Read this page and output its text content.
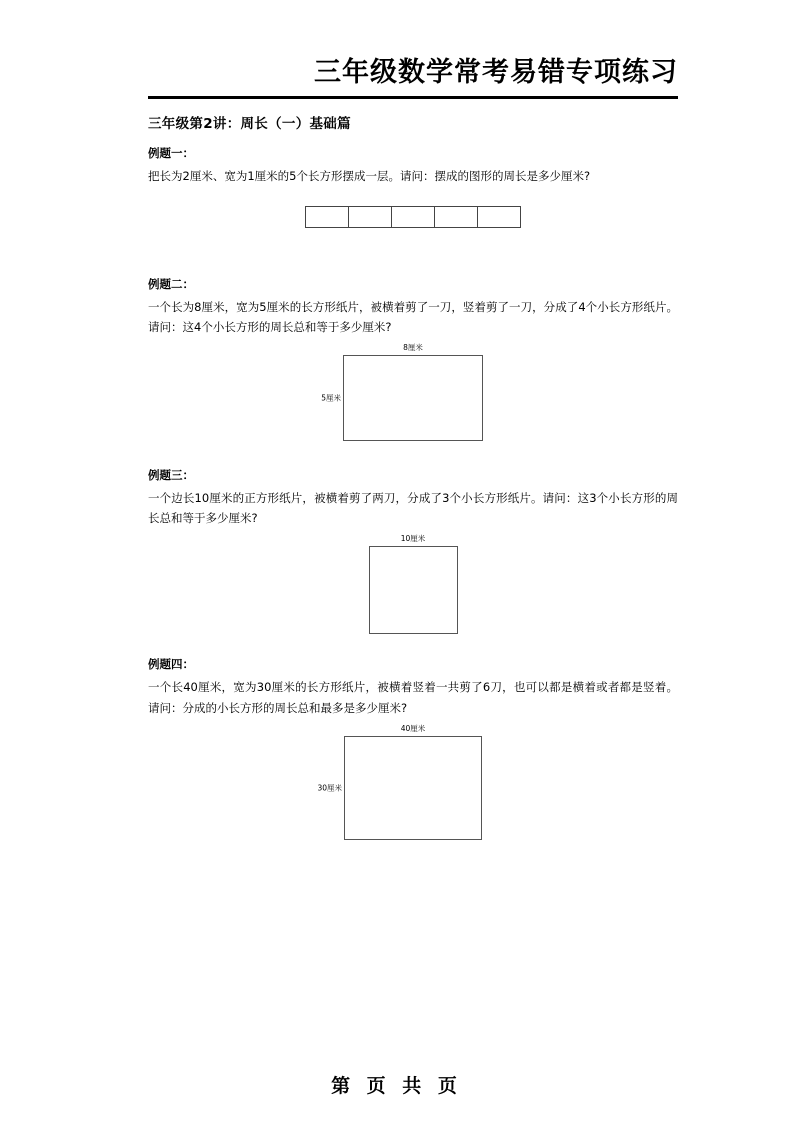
三年级数学常考易错专项练习
三年级第2讲：周长（一）基础篇
例题一：
把长为2厘米、宽为1厘米的5个长方形摆成一层。请问：摆成的图形的周长是多少厘米?
例题二：
一个长为8厘米，宽为5厘米的长方形纸片，被横着剪了一刀，竖着剪了一刀，分成了4个小长方形纸片。请问：这4个小长方形的周长总和等于多少厘米?
8厘米
5厘米
例题三：
一个边长10厘米的正方形纸片，被横着剪了两刀，分成了3个小长方形纸片。请问：这3个小长方形的周长总和等于多少厘米?
10厘米
例题四：
一个长40厘米，宽为30厘米的长方形纸片，被横着竖着一共剪了6刀，也可以都是横着或者都是竖着。请问：分成的小长方形的周长总和最多是多少厘米?
40厘米
30厘米
第 页 共 页
